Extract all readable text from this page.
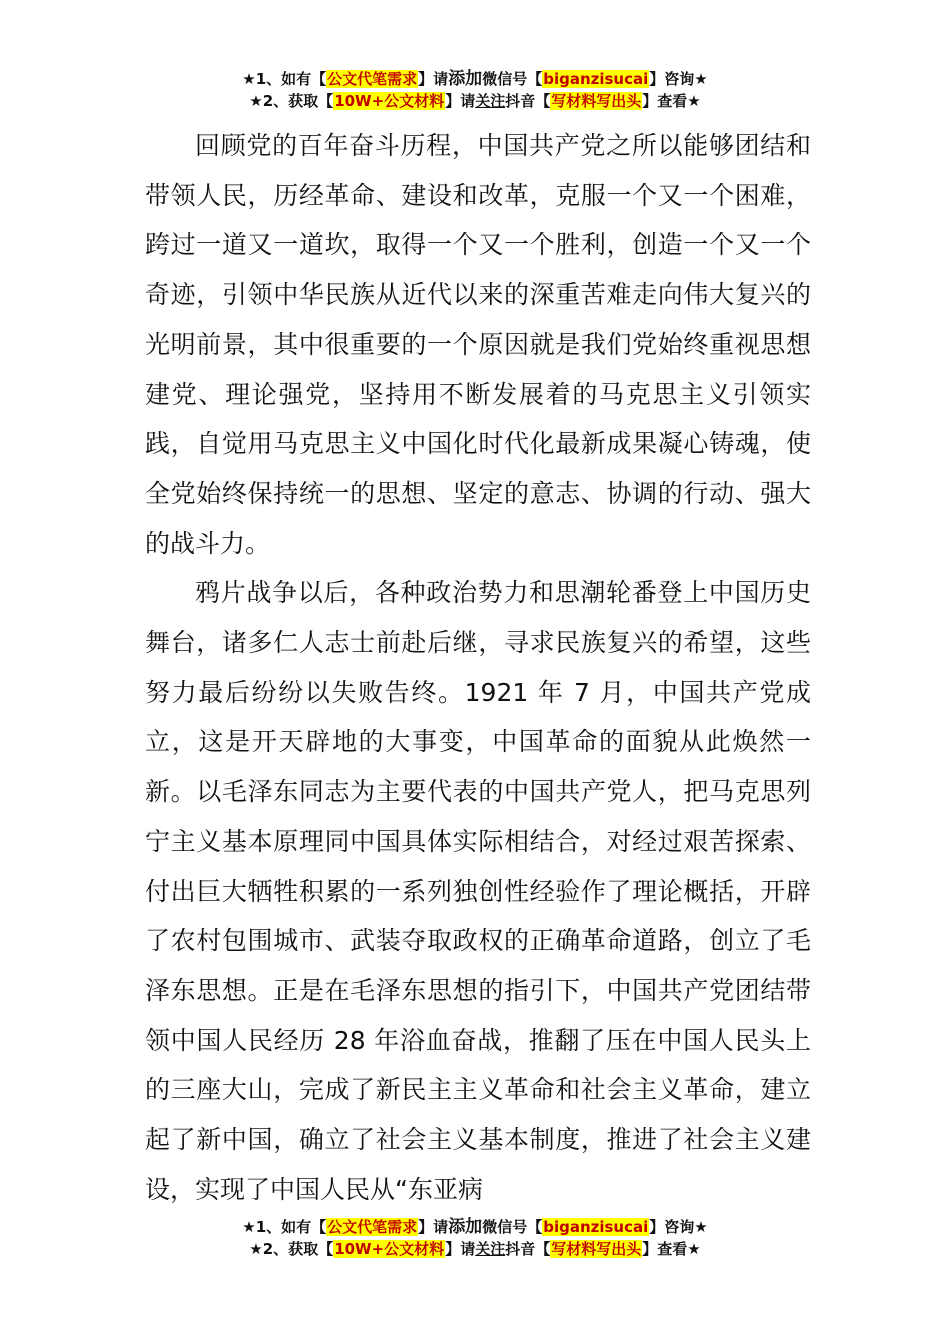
★1、如有【公文代笔需求】请添加微信号【biganzisucai】咨询★
★2、获取【10W+公文材料】请关注抖音【写材料写出头】查看★

回顾党的百年奋斗历程，中国共产党之所以能够团结和带领人民，历经革命、建设和改革，克服一个又一个困难，跨过一道又一道坎，取得一个又一个胜利，创造一个又一个奇迹，引领中华民族从近代以来的深重苦难走向伟大复兴的光明前景，其中很重要的一个原因就是我们党始终重视思想建党、理论强党，坚持用不断发展着的马克思主义引领实践，自觉用马克思主义中国化时代化最新成果凝心铸魂，使全党始终保持统一的思想、坚定的意志、协调的行动、强大的战斗力。

鸦片战争以后，各种政治势力和思潮轮番登上中国历史舞台，诸多仁人志士前赴后继，寻求民族复兴的希望，这些努力最后纷纷以失败告终。1921 年 7 月，中国共产党成立，这是开天辟地的大事变，中国革命的面貌从此焕然一新。以毛泽东同志为主要代表的中国共产党人，把马克思列宁主义基本原理同中国具体实际相结合，对经过艰苦探索、付出巨大牺牲积累的一系列独创性经验作了理论概括，开辟了农村包围城市、武装夺取政权的正确革命道路，创立了毛泽东思想。正是在毛泽东思想的指引下，中国共产党团结带领中国人民经历 28 年浴血奋战，推翻了压在中国人民头上的三座大山，完成了新民主主义革命和社会主义革命，建立起了新中国，确立了社会主义基本制度，推进了社会主义建设，实现了中国人民从“东亚病

★1、如有【公文代笔需求】请添加微信号【biganzisucai】咨询★
★2、获取【10W+公文材料】请关注抖音【写材料写出头】查看★
